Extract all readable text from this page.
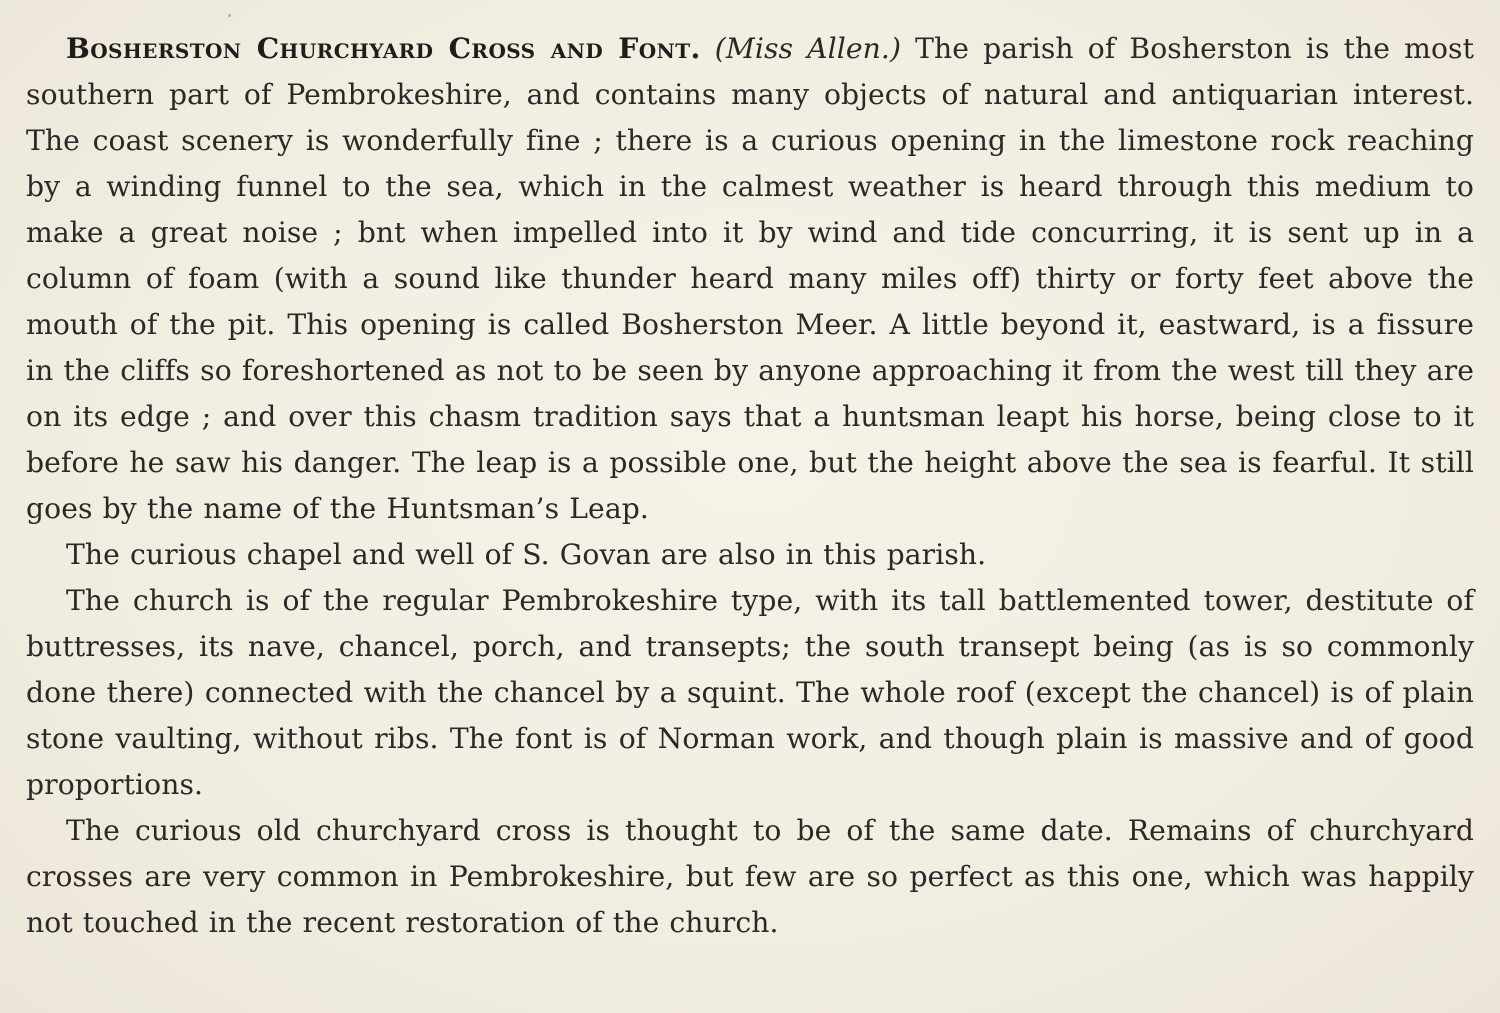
Bosherston Churchyard Cross and Font. (Miss Allen.) The parish of Bosherston is the most southern part of Pembrokeshire, and contains many objects of natural and antiquarian interest. The coast scenery is wonderfully fine ; there is a curious opening in the limestone rock reaching by a winding funnel to the sea, which in the calmest weather is heard through this medium to make a great noise ; bnt when impelled into it by wind and tide concurring, it is sent up in a column of foam (with a sound like thunder heard many miles off) thirty or forty feet above the mouth of the pit. This opening is called Bosherston Meer. A little beyond it, eastward, is a fissure in the cliffs so foreshortened as not to be seen by anyone approaching it from the west till they are on its edge ; and over this chasm tradition says that a huntsman leapt his horse, being close to it before he saw his danger. The leap is a possible one, but the height above the sea is fearful. It still goes by the name of the Huntsman’s Leap.

The curious chapel and well of S. Govan are also in this parish.

The church is of the regular Pembrokeshire type, with its tall battlemented tower, destitute of buttresses, its nave, chancel, porch, and transepts; the south transept being (as is so commonly done there) connected with the chancel by a squint. The whole roof (except the chancel) is of plain stone vaulting, without ribs. The font is of Norman work, and though plain is massive and of good proportions.

The curious old churchyard cross is thought to be of the same date. Remains of churchyard crosses are very common in Pembrokeshire, but few are so perfect as this one, which was happily not touched in the recent restoration of the church.
